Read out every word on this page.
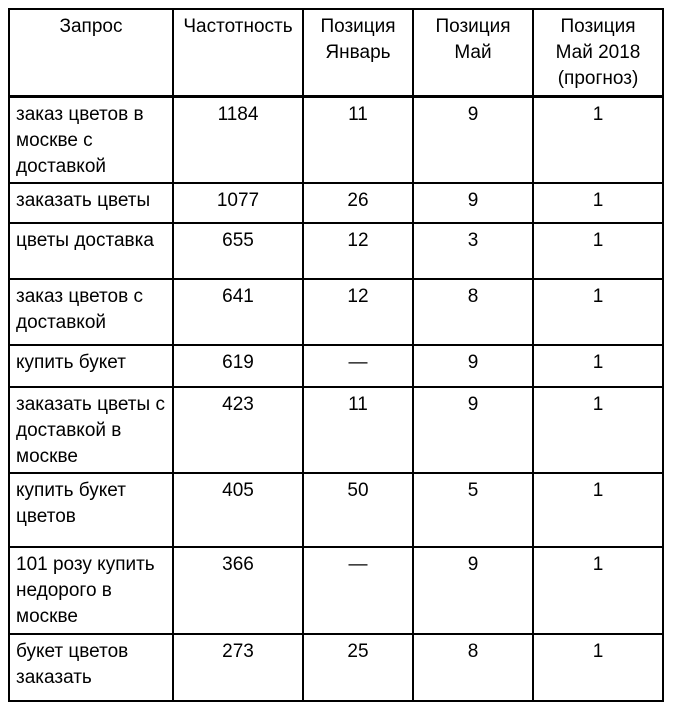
Запрос	Частотность	Позиция Январь	Позиция Май	Позиция Май 2018 (прогноз)
заказ цветов в москве с доставкой	1184	11	9	1
заказать цветы	1077	26	9	1
цветы доставка	655	12	3	1
заказ цветов с доставкой	641	12	8	1
купить букет	619	—	9	1
заказать цветы с доставкой в москве	423	11	9	1
купить букет цветов	405	50	5	1
101 розу купить недорого в москве	366	—	9	1
букет цветов заказать	273	25	8	1
